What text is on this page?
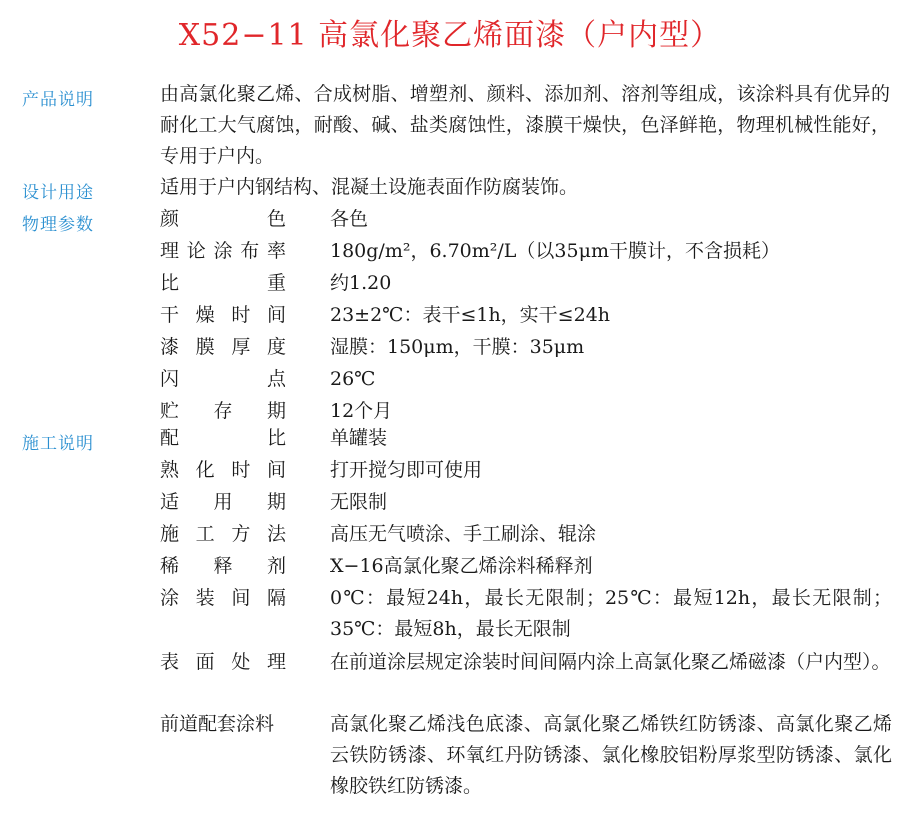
X52−11 高氯化聚乙烯面漆（户内型）
产品说明
设计用途
物理参数
施工说明
由高氯化聚乙烯、合成树脂、增塑剂、颜料、添加剂、溶剂等组成，该涂料具有优异的耐化工大气腐蚀，耐酸、碱、盐类腐蚀性，漆膜干燥快，色泽鲜艳，物理机械性能好，专用于户内。
适用于户内钢结构、混凝土设施表面作防腐装饰。
颜	色 各色
理 论 涂 布 率 180g/m²，6.70m²/L（以35μm干膜计，不含损耗）
比	重 约1.20
干 燥 时 间 23±2℃：表干≤1h，实干≤24h
漆 膜 厚 度 湿膜：150μm，干膜：35μm
闪	点 26℃
贮 存 期 12个月
配	比 单罐装
熟 化 时 间 打开搅匀即可使用
适 用 期 无限制
施 工 方 法 高压无气喷涂、手工刷涂、辊涂
稀 释 剂 X−16高氯化聚乙烯涂料稀释剂
涂 装 间 隔 0℃：最短24h，最长无限制；25℃：最短12h，最长无限制；35℃：最短8h，最长无限制
表 面 处 理 在前道涂层规定涂装时间间隔内涂上高氯化聚乙烯磁漆（户内型）。
前道配套涂料	高氯化聚乙烯浅色底漆、高氯化聚乙烯铁红防锈漆、高氯化聚乙烯云铁防锈漆、环氧红丹防锈漆、氯化橡胶铝粉厚浆型防锈漆、氯化橡胶铁红防锈漆。
